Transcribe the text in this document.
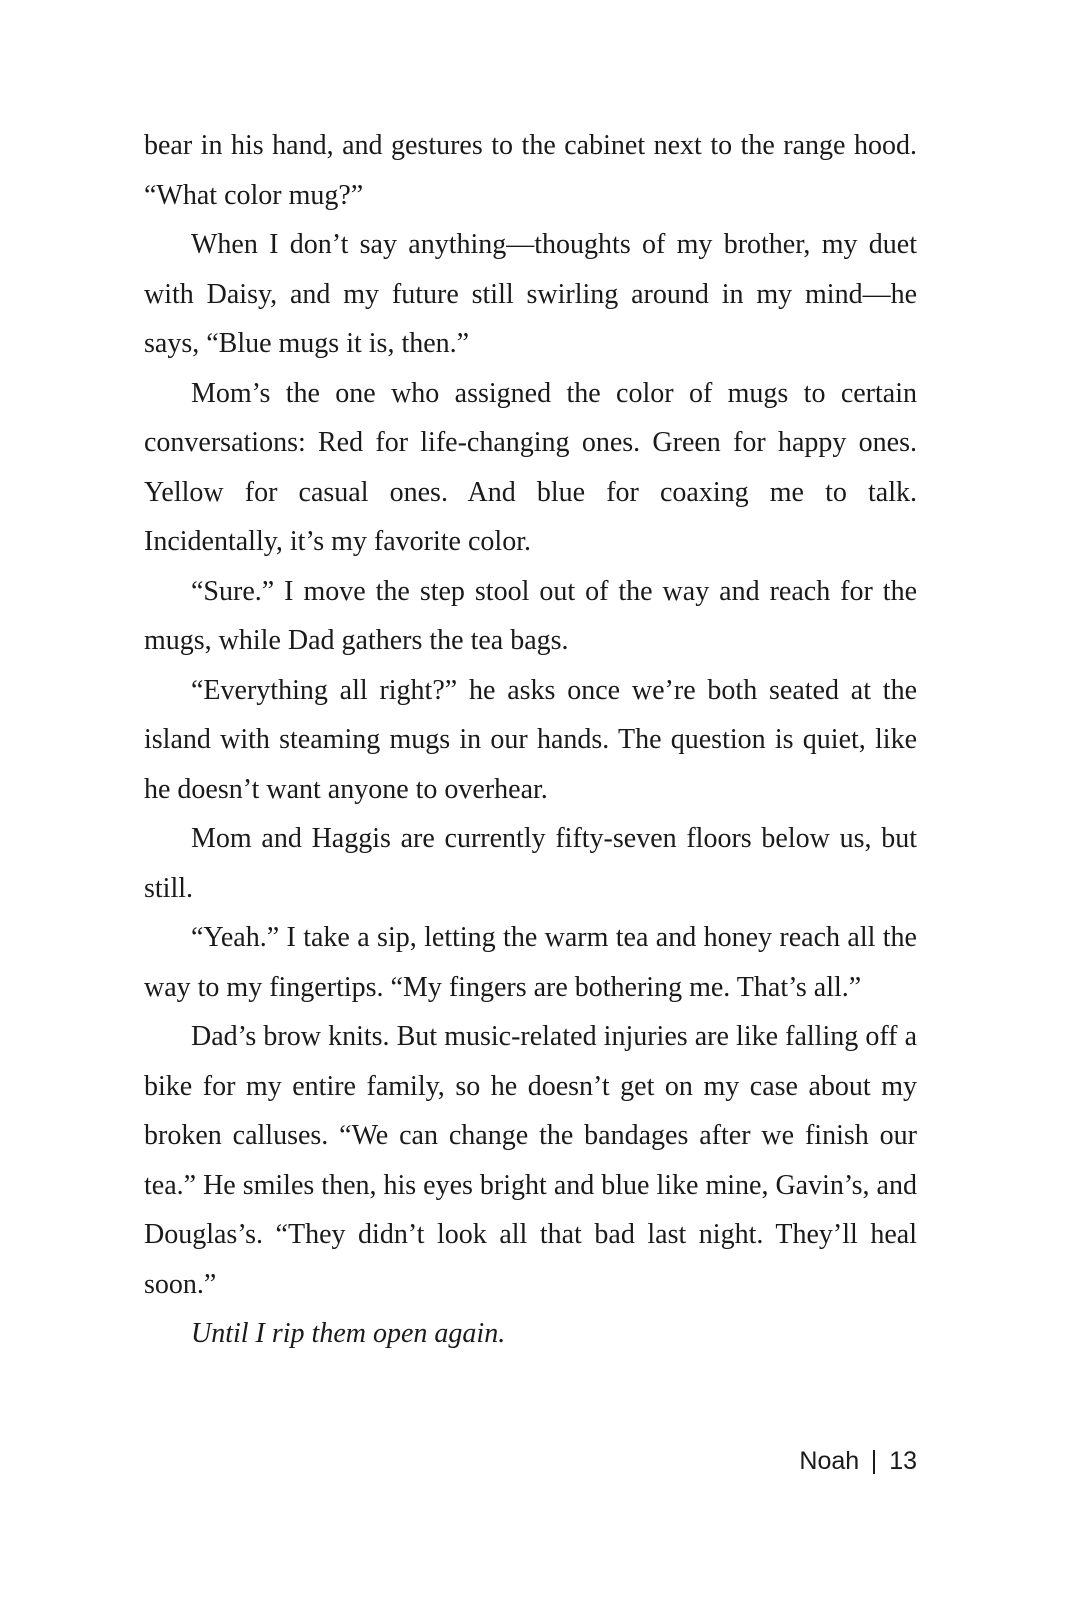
bear in his hand, and gestures to the cabinet next to the range hood. “What color mug?”

When I don’t say anything—thoughts of my brother, my duet with Daisy, and my future still swirling around in my mind—he says, “Blue mugs it is, then.”

Mom’s the one who assigned the color of mugs to certain conversations: Red for life-changing ones. Green for happy ones. Yellow for casual ones. And blue for coaxing me to talk. Incidentally, it’s my favorite color.

“Sure.” I move the step stool out of the way and reach for the mugs, while Dad gathers the tea bags.

“Everything all right?” he asks once we’re both seated at the island with steaming mugs in our hands. The question is quiet, like he doesn’t want anyone to overhear.

Mom and Haggis are currently fifty-seven floors below us, but still.

“Yeah.” I take a sip, letting the warm tea and honey reach all the way to my fingertips. “My fingers are bothering me. That’s all.”

Dad’s brow knits. But music-related injuries are like falling off a bike for my entire family, so he doesn’t get on my case about my broken calluses. “We can change the bandages after we finish our tea.” He smiles then, his eyes bright and blue like mine, Gavin’s, and Douglas’s. “They didn’t look all that bad last night. They’ll heal soon.”

Until I rip them open again.

Noah 13
